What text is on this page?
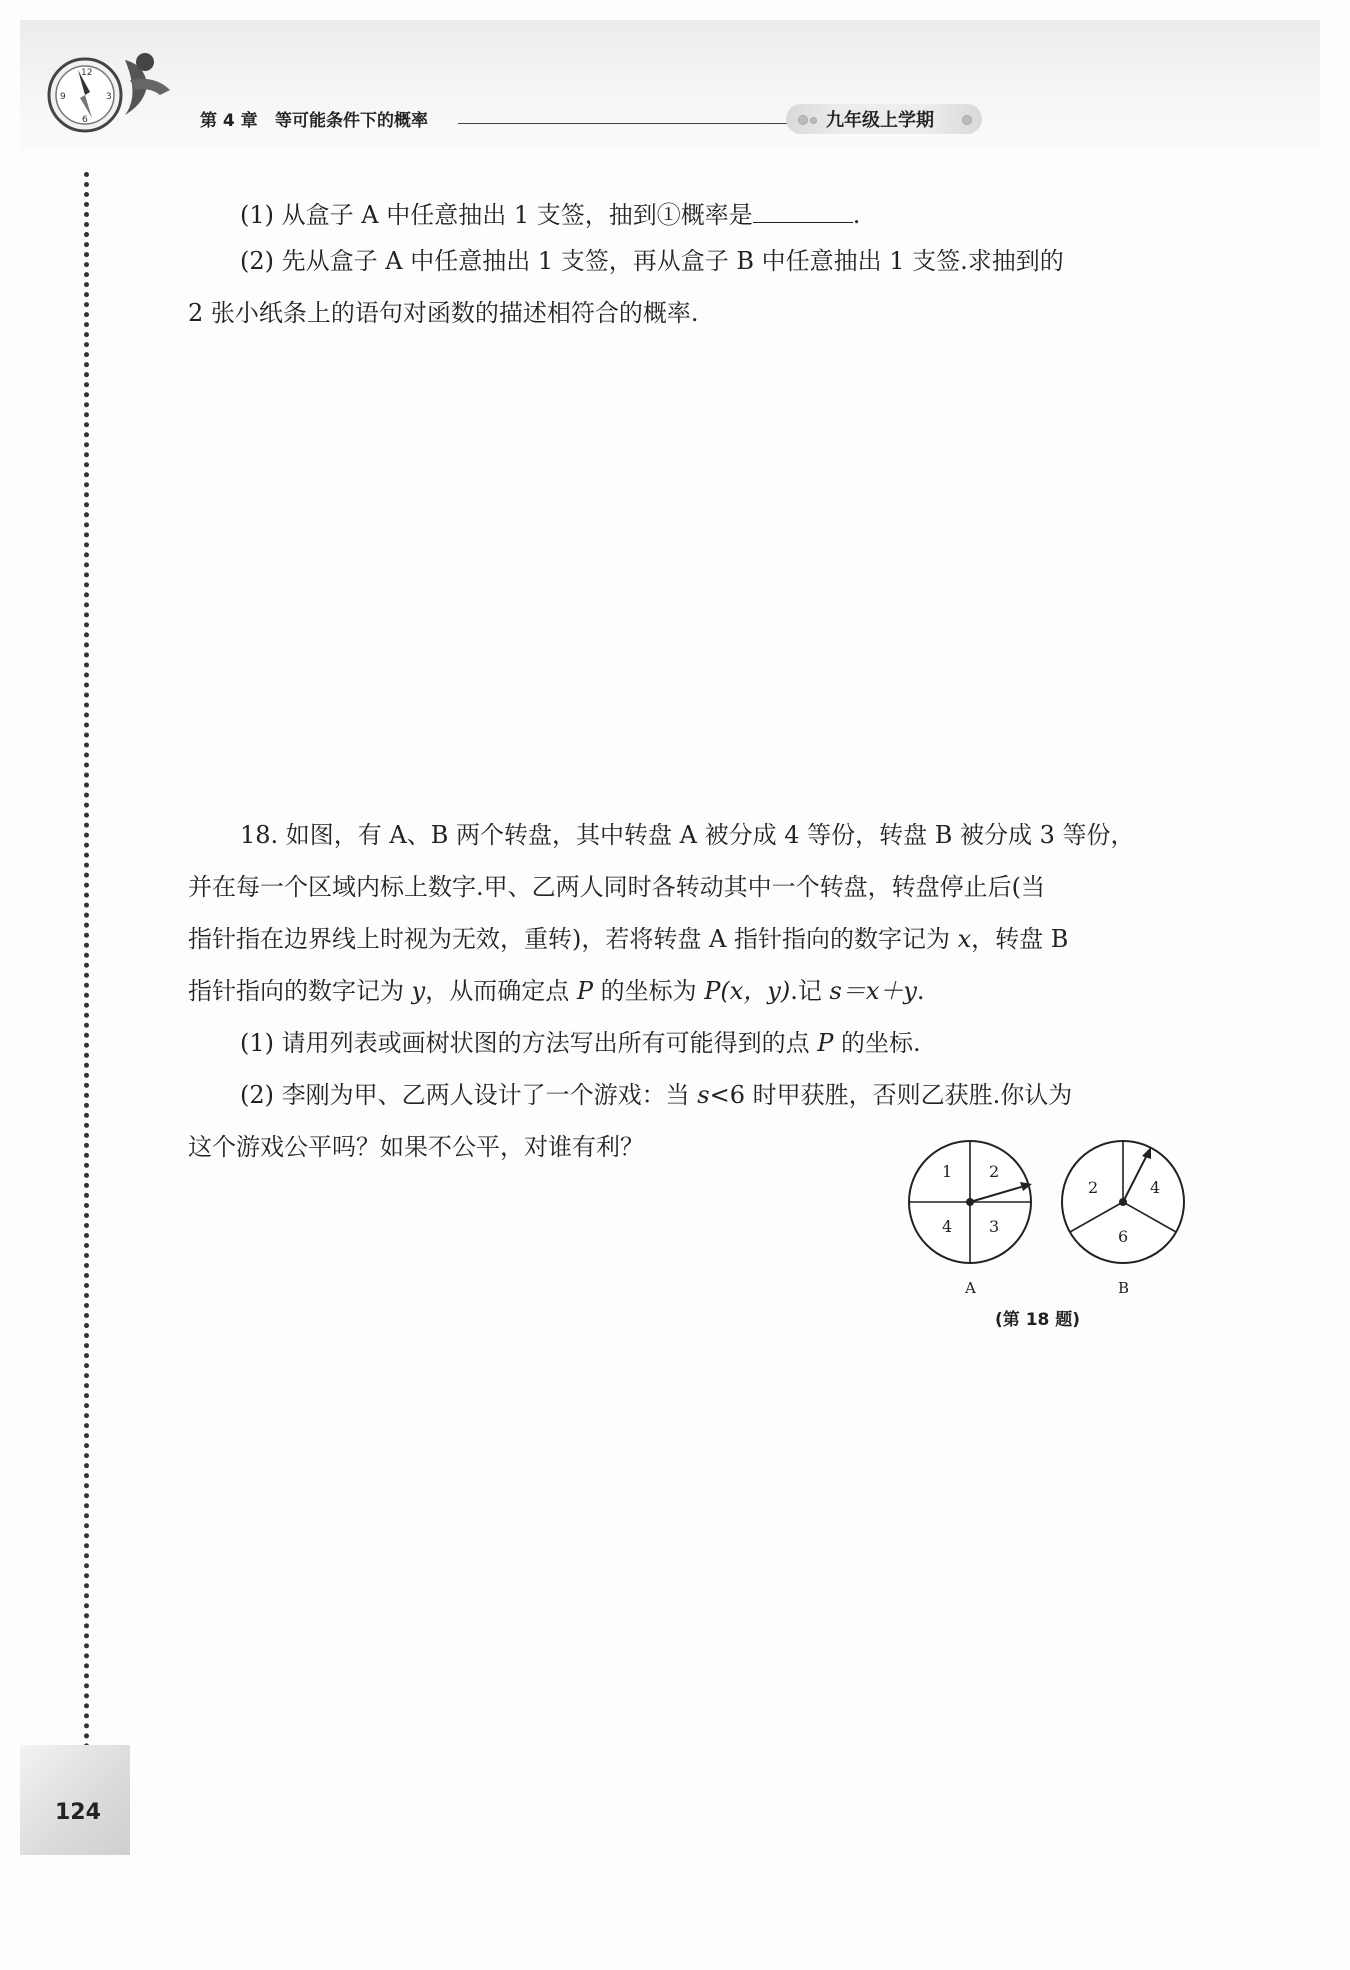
12
3
6
9
第 4 章 等可能条件下的概率	九年级上学期
(1) 从盒子 A 中任意抽出 1 支签，抽到①概率是	.
(2) 先从盒子 A 中任意抽出 1 支签，再从盒子 B 中任意抽出 1 支签.求抽到的
2 张小纸条上的语句对函数的描述相符合的概率.
18. 如图，有 A、B 两个转盘，其中转盘 A 被分成 4 等份，转盘 B 被分成 3 等份，
并在每一个区域内标上数字.甲、乙两人同时各转动其中一个转盘，转盘停止后(当
指针指在边界线上时视为无效，重转)，若将转盘 A 指针指向的数字记为 x，转盘 B
指针指向的数字记为 y，从而确定点 P 的坐标为 P(x，y).记 s＝x＋y.
(1) 请用列表或画树状图的方法写出所有可能得到的点 P 的坐标.
(2) 李刚为甲、乙两人设计了一个游戏：当 s<6 时甲获胜，否则乙获胜.你认为
这个游戏公平吗？如果不公平，对谁有利？
1 2
4 3
A
2	4
6
B
(第 18 题)
124
